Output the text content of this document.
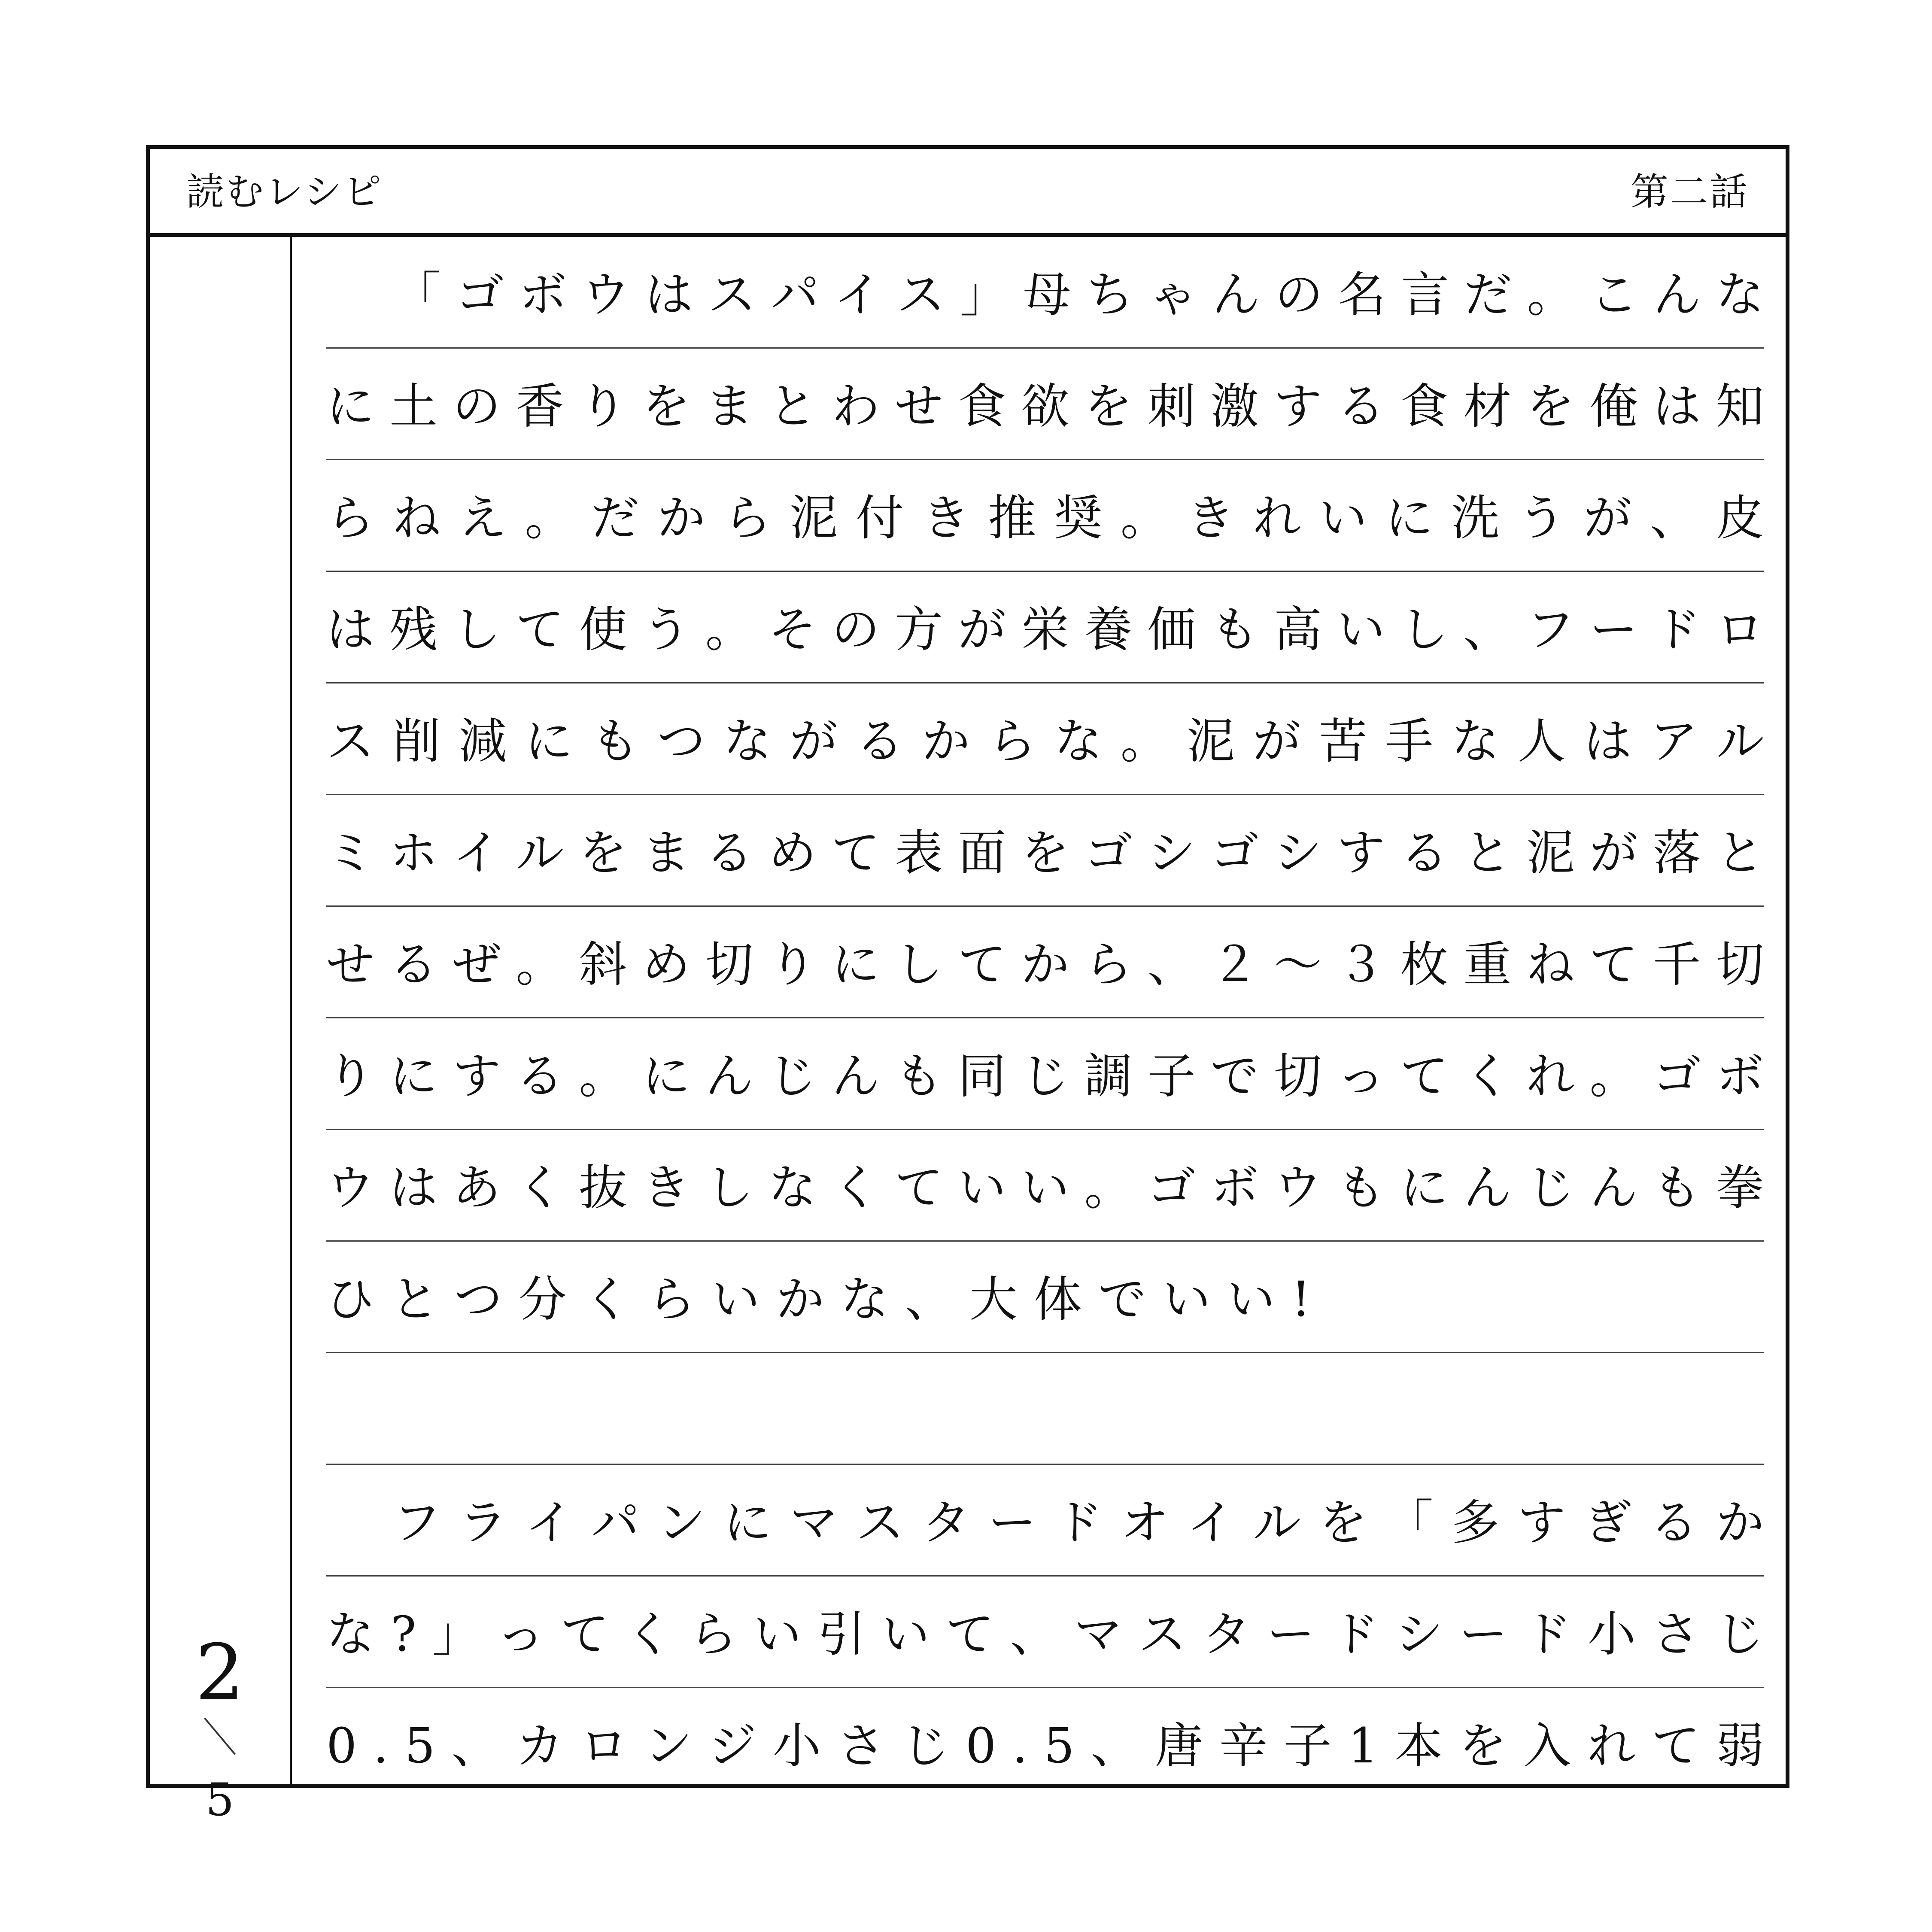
読むレシピ	第二話
2
5
「 ゴ ボ ウ は ス パ イ ス 」 母 ち ゃ ん の 名 言 だ 。 こ ん な
に 土 の 香 り を ま と わ せ 食 欲 を 刺 激 す る 食 材 を 俺 は 知
ら ね え 。 だ か ら 泥 付 き 推 奨 。 き れ い に 洗 う が 、 皮
は 残 し て 使 う 。 そ の 方 が 栄 養 価 も 高 い し 、 フ ー ド ロ
ス 削 減 に も つ な が る か ら な 。 泥 が 苦 手 な 人 は ア ル
ミ ホ イ ル を ま る め て 表 面 を ゴ シ ゴ シ す る と 泥 が 落 と
せ る ぜ 。 斜 め 切 り に し て か ら 、 ２ ～ ３ 枚 重 ね て 千 切
り に す る 。 に ん じ ん も 同 じ 調 子 で 切 っ て く れ 。 ゴ ボ
ウ は あ く 抜 き し な く て い い 。 ゴ ボ ウ も に ん じ ん も 拳
ひとつ分くらいかな、大体でいい!
フ ラ イ パ ン に マ ス タ ー ド オ イ ル を 「 多 す ぎ る か
な ? 」 っ て く ら い 引 い て 、 マ ス タ ー ド シ ー ド 小 さ じ
0 . 5 、 カ ロ ン ジ 小 さ じ 0 . 5 、 唐 辛 子 1 本 を 入 れ て 弱
